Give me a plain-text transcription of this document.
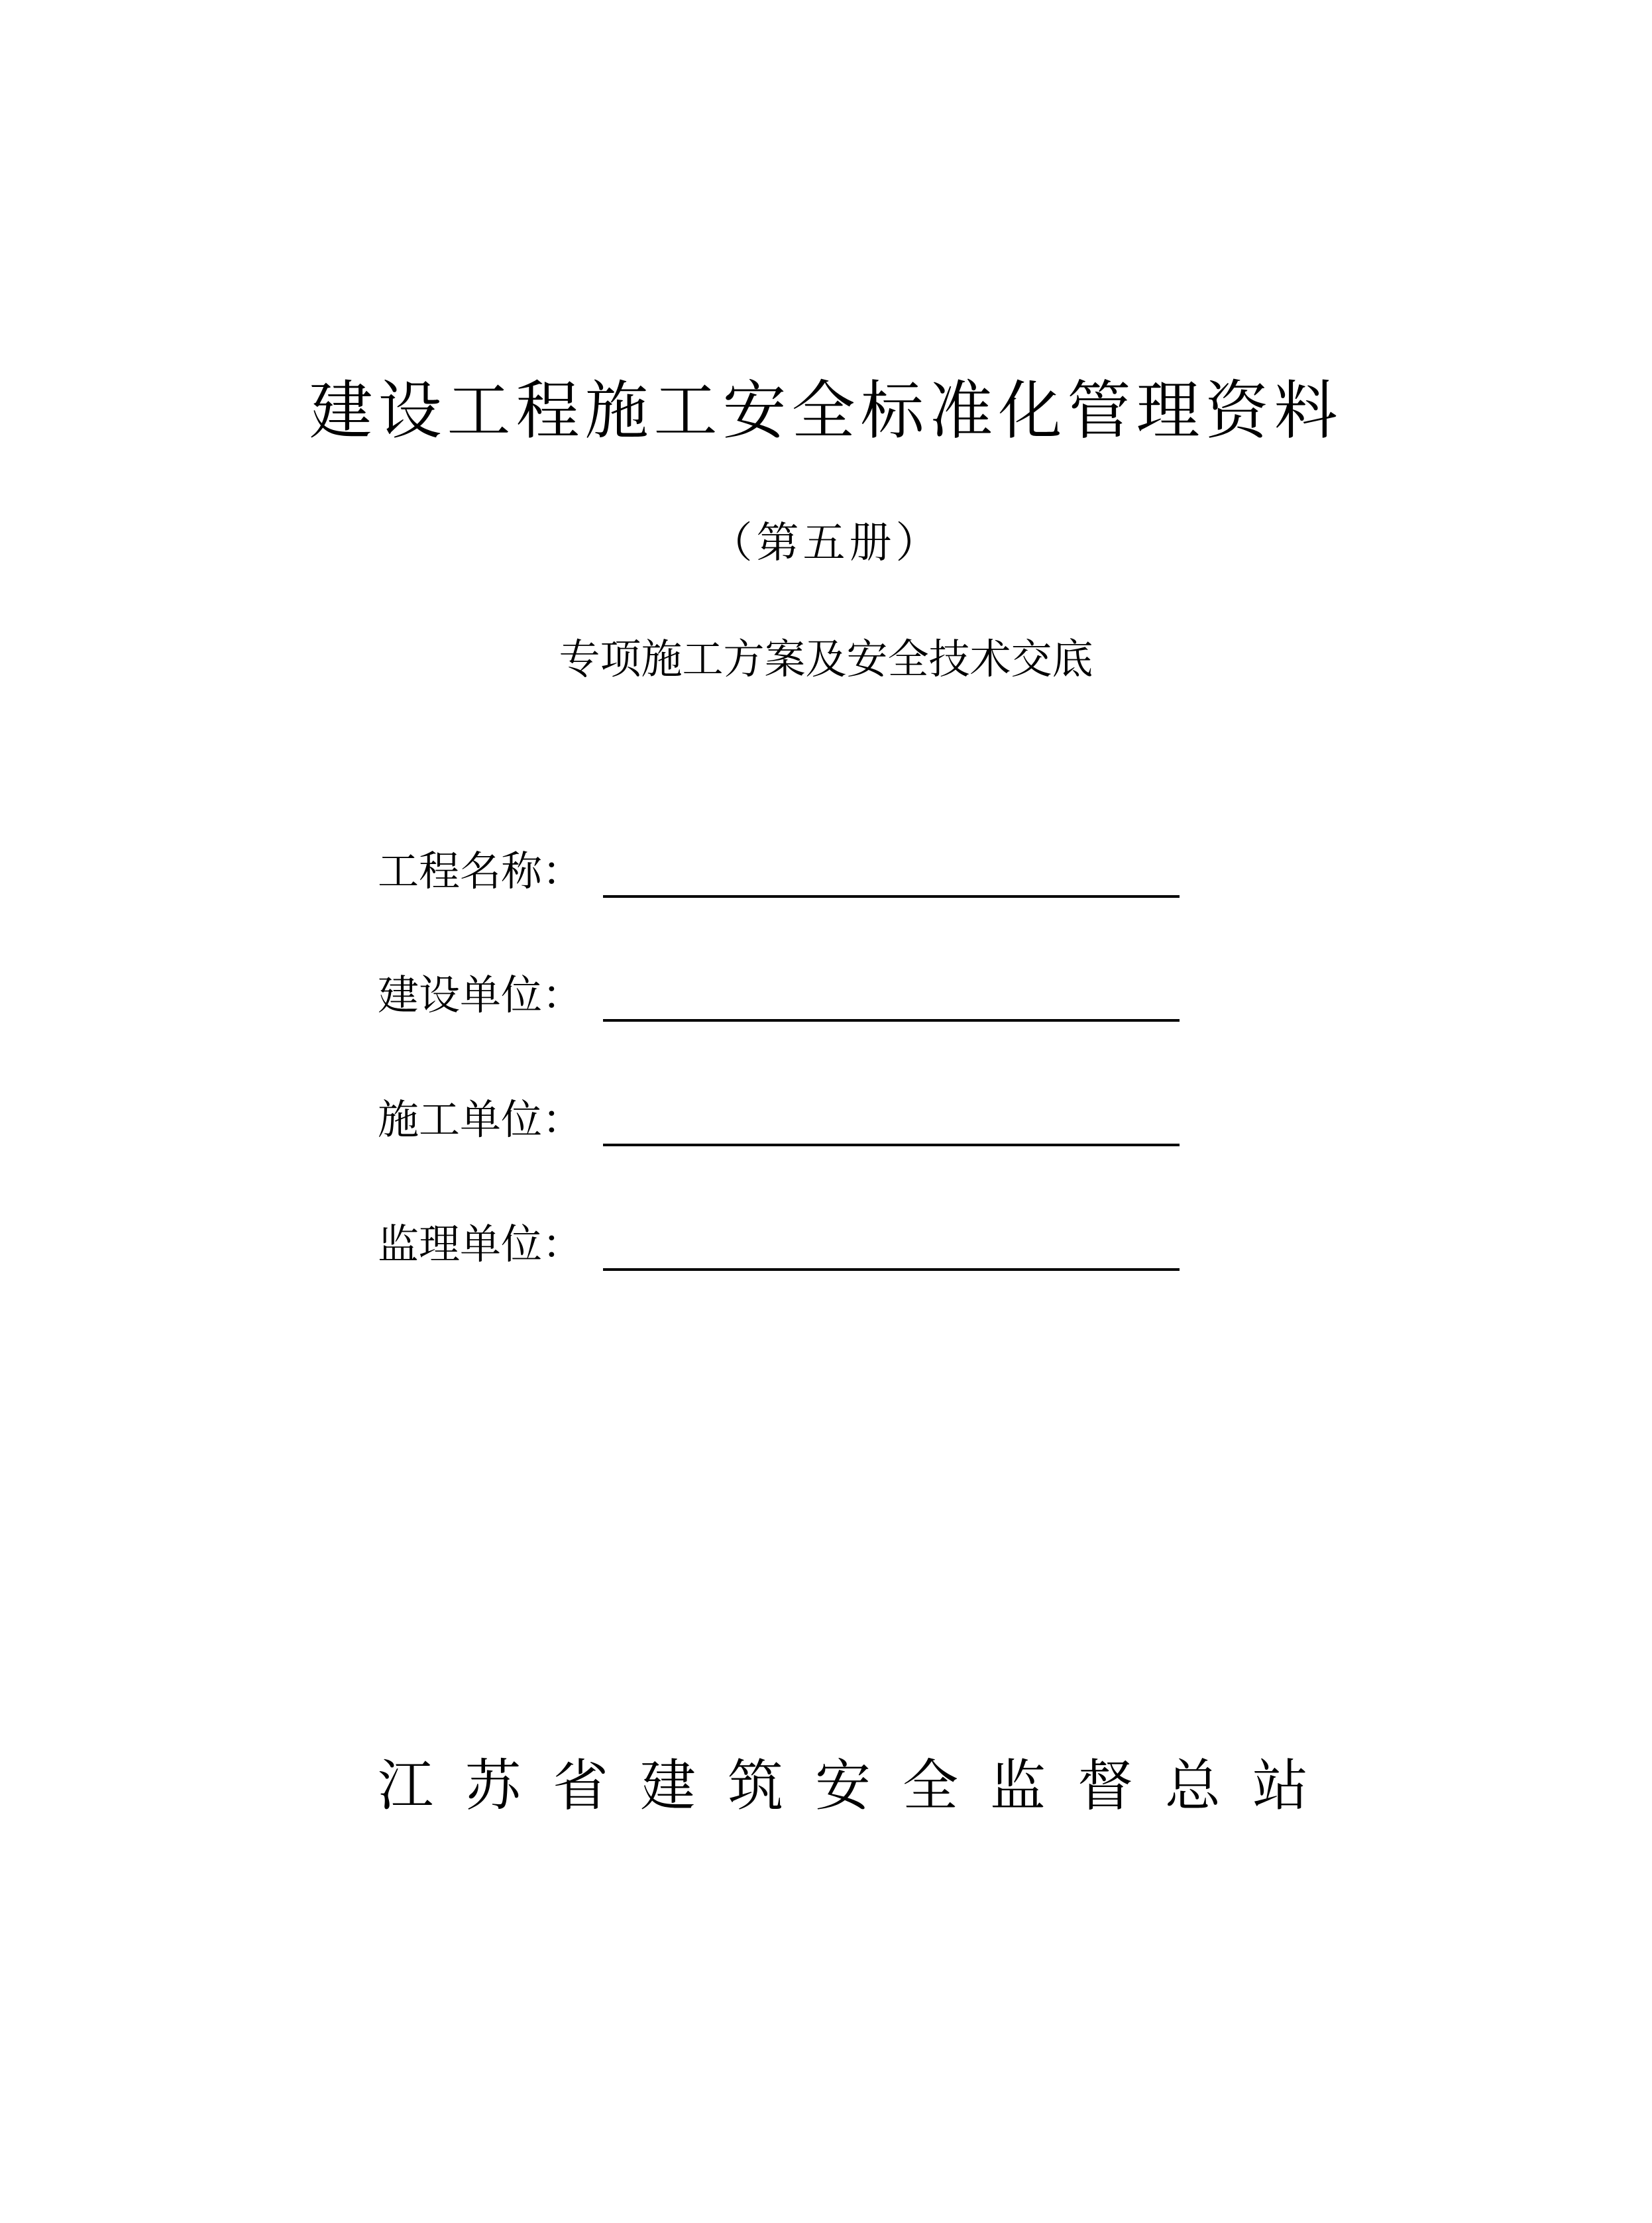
建设工程施工安全标准化管理资料
（第五册）
专项施工方案及安全技术交底
工程名称：
建设单位：
施工单位：
监理单位：
江苏省建筑安全监督总站
